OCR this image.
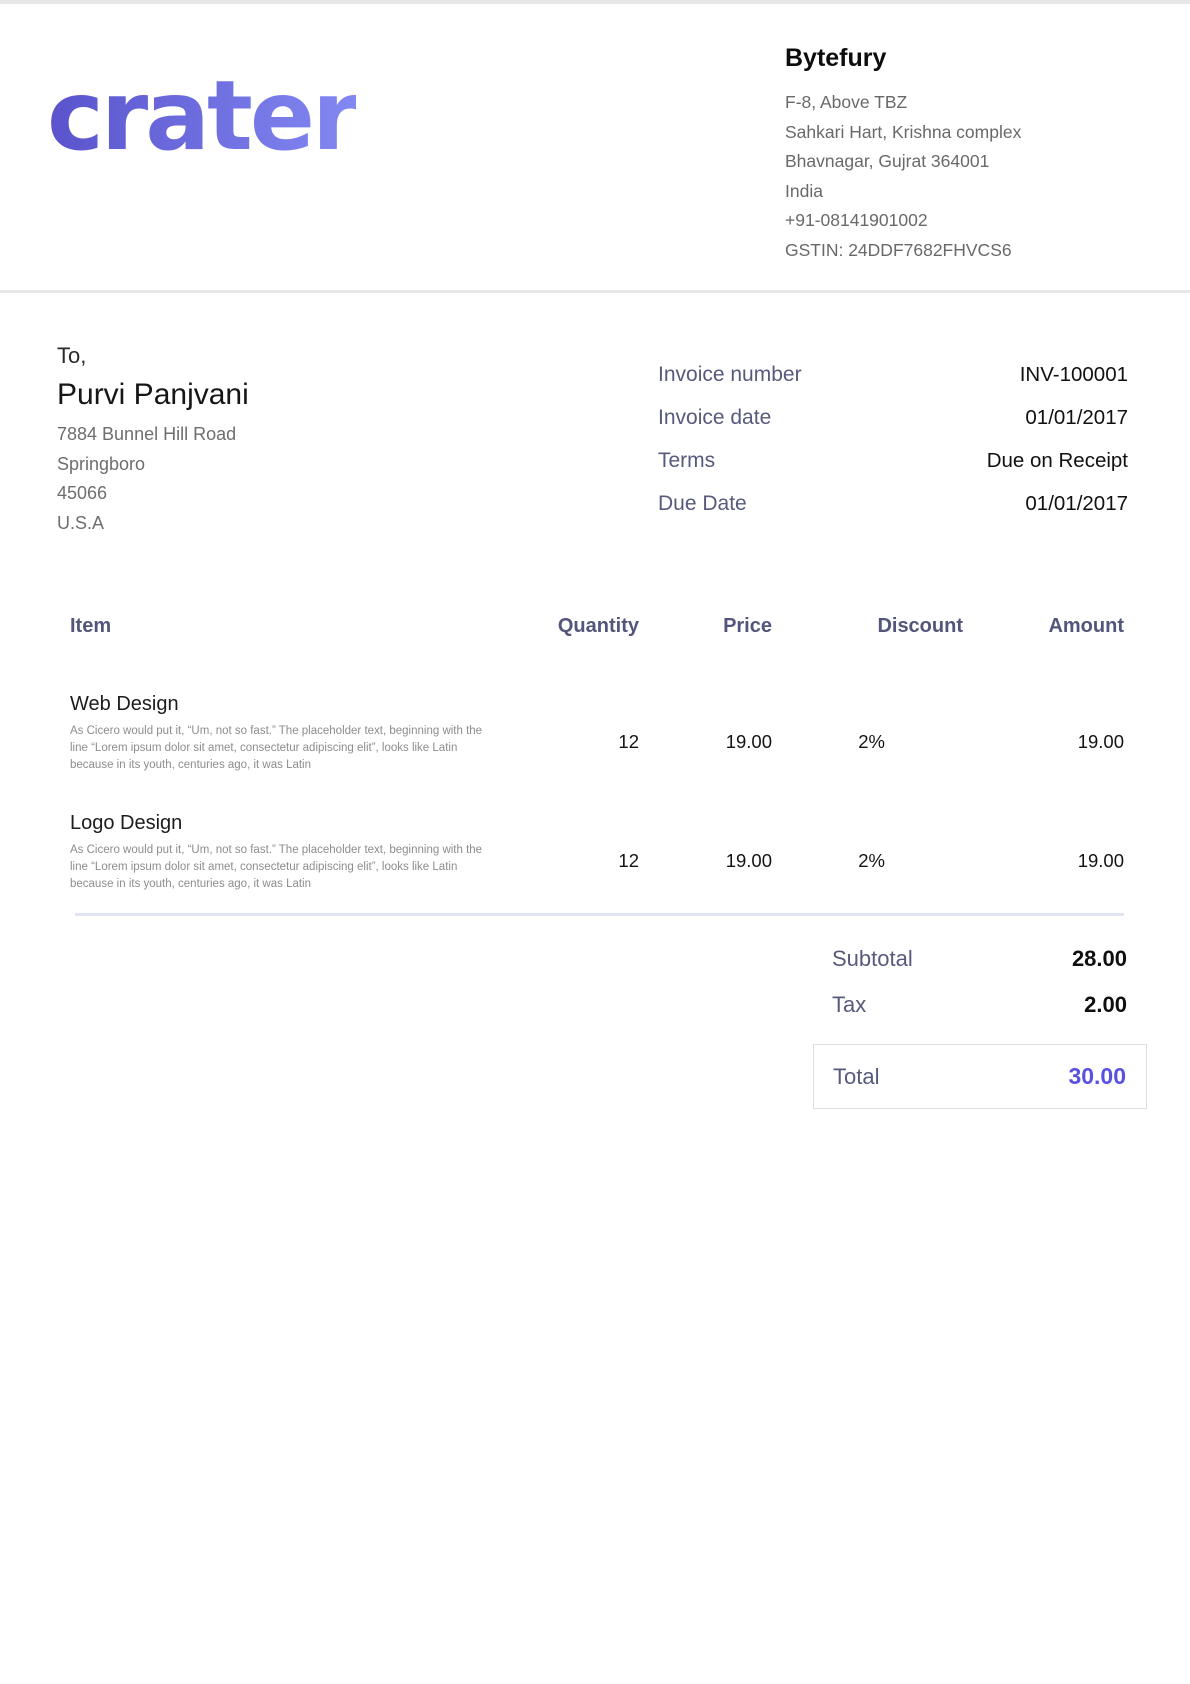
crater
Bytefury
F-8, Above TBZ
Sahkari Hart, Krishna complex
Bhavnagar, Gujrat 364001
India
+91-08141901002
GSTIN: 24DDF7682FHVCS6
To,
Purvi Panjvani
7884 Bunnel Hill Road
Springboro
45066
U.S.A
Invoice number	INV-100001
Invoice date	01/01/2017
Terms	Due on Receipt
Due Date	01/01/2017
Item	Quantity	Price	Discount	Amount
Web Design
As Cicero would put it, “Um, not so fast.” The placeholder text, beginning with the line “Lorem ipsum dolor sit amet, consectetur adipiscing elit”, looks like Latin because in its youth, centuries ago, it was Latin
12	19.00	2%	19.00
Logo Design
As Cicero would put it, “Um, not so fast.” The placeholder text, beginning with the line “Lorem ipsum dolor sit amet, consectetur adipiscing elit”, looks like Latin because in its youth, centuries ago, it was Latin
12	19.00	2%	19.00
Subtotal	28.00
Tax	2.00
Total	30.00
